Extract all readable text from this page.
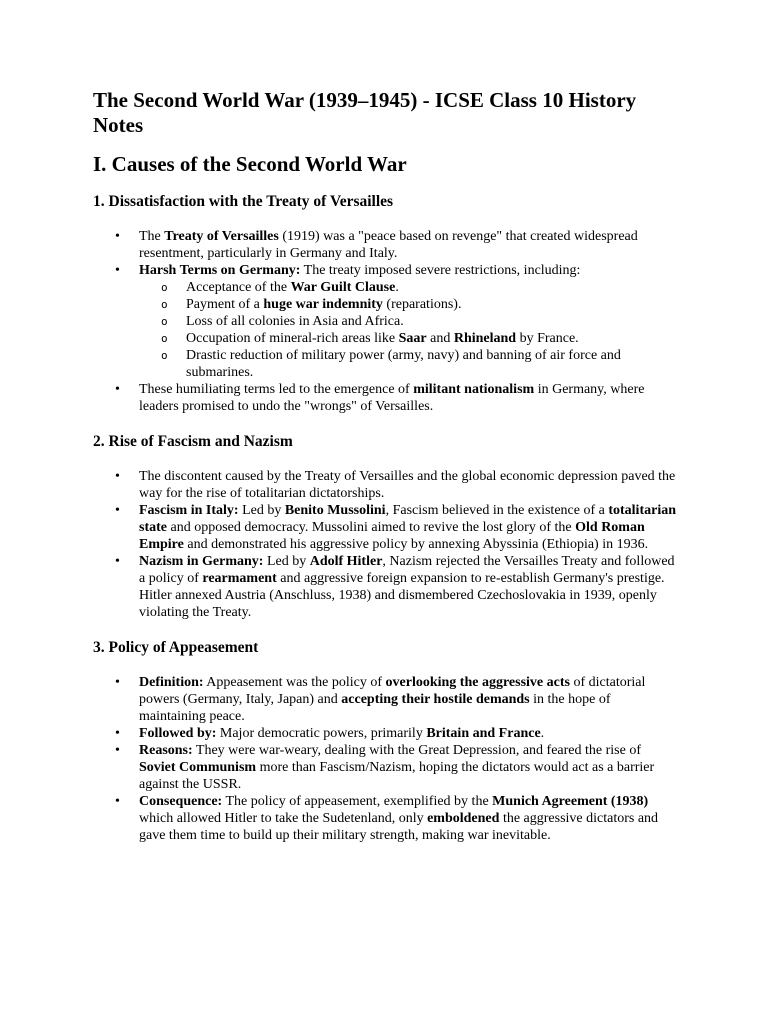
The Second World War (1939–1945) - ICSE Class 10 History Notes
I. Causes of the Second World War
1. Dissatisfaction with the Treaty of Versailles
• The Treaty of Versailles (1919) was a "peace based on revenge" that created widespread resentment, particularly in Germany and Italy.
• Harsh Terms on Germany: The treaty imposed severe restrictions, including:
o Acceptance of the War Guilt Clause.
o Payment of a huge war indemnity (reparations).
o Loss of all colonies in Asia and Africa.
o Occupation of mineral-rich areas like Saar and Rhineland by France.
o Drastic reduction of military power (army, navy) and banning of air force and submarines.
• These humiliating terms led to the emergence of militant nationalism in Germany, where leaders promised to undo the "wrongs" of Versailles.
2. Rise of Fascism and Nazism
• The discontent caused by the Treaty of Versailles and the global economic depression paved the way for the rise of totalitarian dictatorships.
• Fascism in Italy: Led by Benito Mussolini, Fascism believed in the existence of a totalitarian state and opposed democracy. Mussolini aimed to revive the lost glory of the Old Roman Empire and demonstrated his aggressive policy by annexing Abyssinia (Ethiopia) in 1936.
• Nazism in Germany: Led by Adolf Hitler, Nazism rejected the Versailles Treaty and followed a policy of rearmament and aggressive foreign expansion to re-establish Germany's prestige. Hitler annexed Austria (Anschluss, 1938) and dismembered Czechoslovakia in 1939, openly violating the Treaty.
3. Policy of Appeasement
• Definition: Appeasement was the policy of overlooking the aggressive acts of dictatorial powers (Germany, Italy, Japan) and accepting their hostile demands in the hope of maintaining peace.
• Followed by: Major democratic powers, primarily Britain and France.
• Reasons: They were war-weary, dealing with the Great Depression, and feared the rise of Soviet Communism more than Fascism/Nazism, hoping the dictators would act as a barrier against the USSR.
• Consequence: The policy of appeasement, exemplified by the Munich Agreement (1938) which allowed Hitler to take the Sudetenland, only emboldened the aggressive dictators and gave them time to build up their military strength, making war inevitable.
